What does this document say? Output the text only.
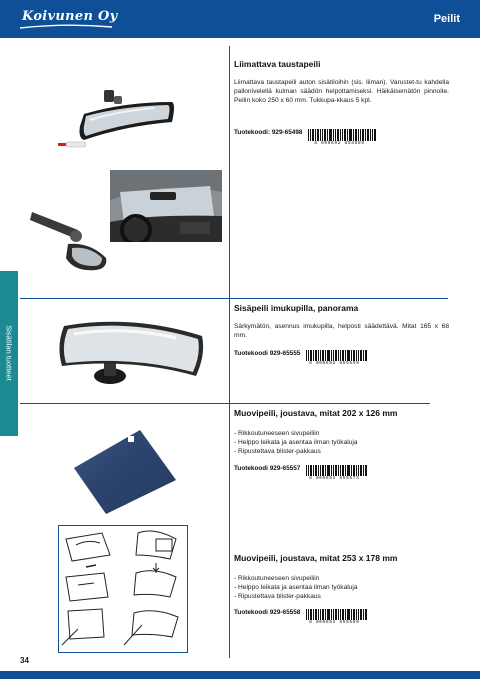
Koivunen Oy	Peilit
Sisätilan tuotteet
Liimattava taustapeili
Liimattava taustapeili auton sisätiloihin (sis. liiman). Varustet-tu kahdella pallonivelellä kulman säädön helpottamiseksi. Häikäisemätön pinnoite. Peilin koko 250 x 60 mm. Tukkupa-kkaus 5 kpl.
Tuotekoodi: 929-65498
8 000692 654989
Sisäpeili imukupilla, panorama
Särkymätön, asennus imukupilla, helposti säädettävä. Mitat 165 x 68 mm.
Tuotekoodi 929-65555
8 000692 655559
Muovipeili, joustava, mitat 202 x 126 mm
- Rikkoutuneeseen sivupeiliin
- Helppo leikata ja asentaa ilman työkaluja
- Ripustettava blister-pakkaus
Tuotekoodi 929-65557
8 000692 655573
Muovipeili, joustava, mitat 253 x 178 mm
- Rikkoutuneeseen sivupeiliin
- Helppo leikata ja asentaa ilman työkaluja
- Ripustettava blister-pakkaus
Tuotekoodi 929-65558
8 000692 655580
34
